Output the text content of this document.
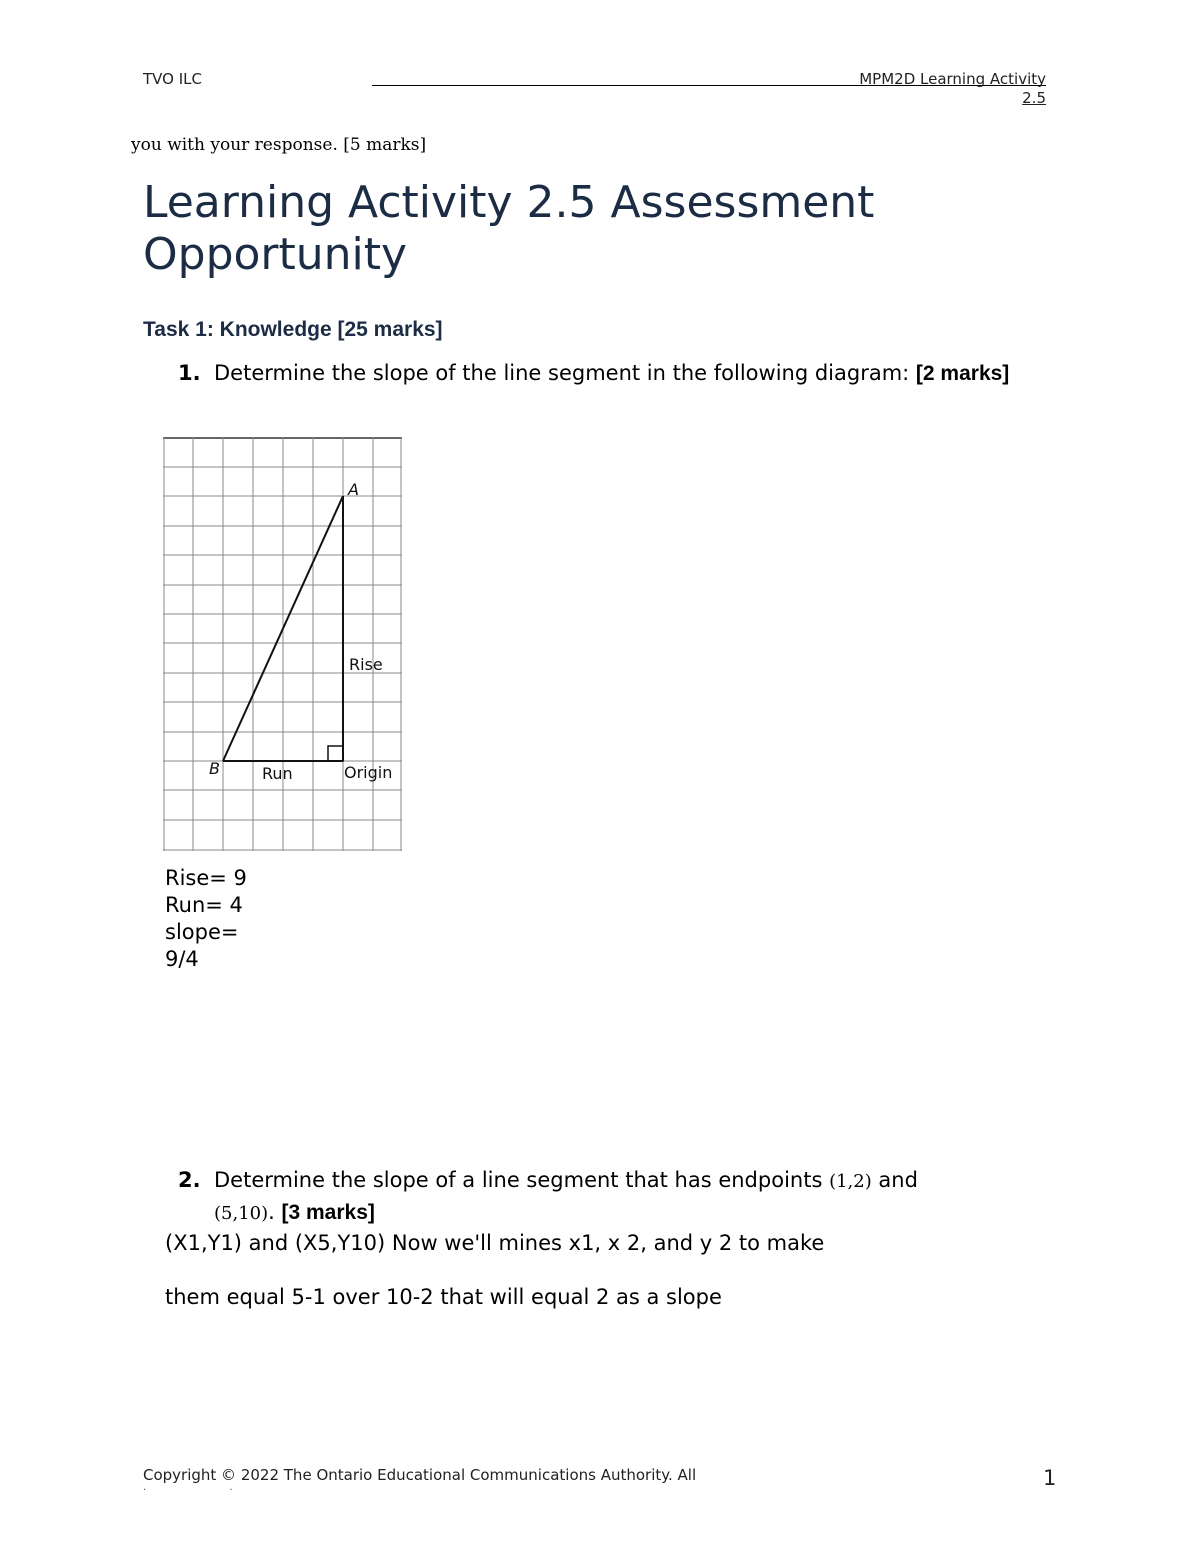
TVO ILC	MPM2D Learning Activity
2.5
you with your response. [5 marks]
Learning Activity 2.5 Assessment Opportunity
Task 1: Knowledge [25 marks]
1. Determine the slope of the line segment in the following diagram: [2 marks]
A
B
Rise
Run	Origin
Rise= 9
Run= 4
slope=
9/4
2. Determine the slope of a line segment that has endpoints (1,2) and
(5,10). [3 marks]
(X1,Y1) and (X5,Y10) Now we'll mines x1, x 2, and y 2 to make
them equal 5-1 over 10-2 that will equal 2 as a slope
Copyright © 2022 The Ontario Educational Communications Authority. All
. .	1
